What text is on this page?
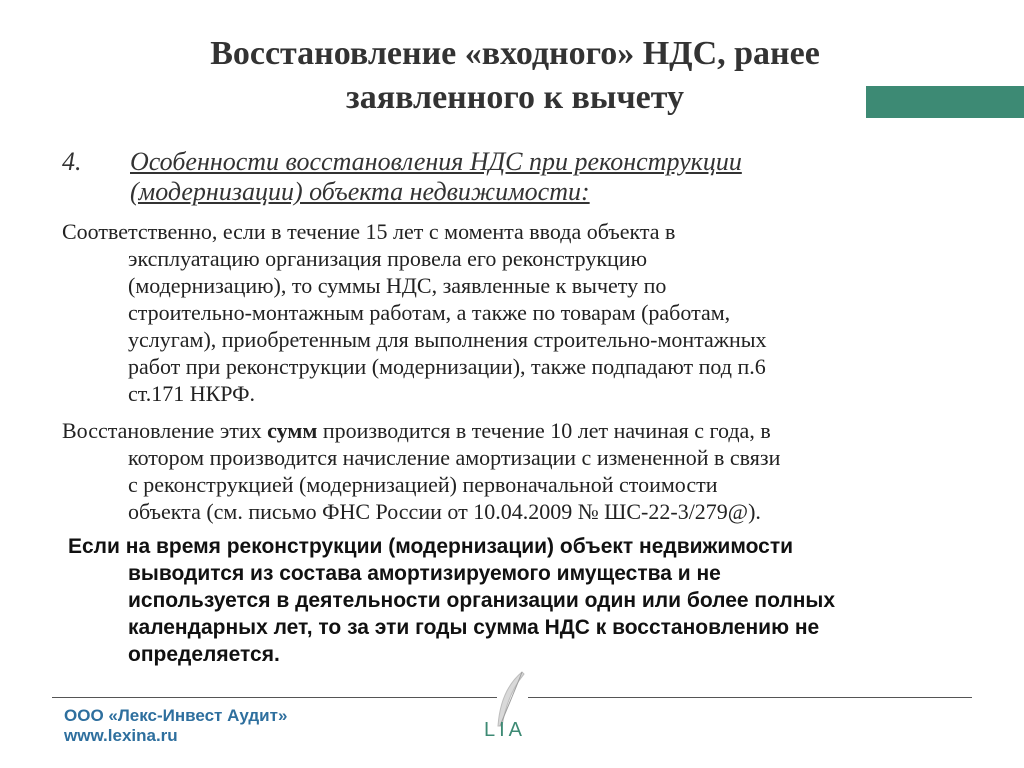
Восстановление «входного» НДС, ранее
заявленного к вычету
4. Особенности восстановления НДС при реконструкции
(модернизации) объекта недвижимости:
Соответственно, если в течение 15 лет с момента ввода объекта в
эксплуатацию организация провела его реконструкцию
(модернизацию), то суммы НДС, заявленные к вычету по
строительно-монтажным работам, а также по товарам (работам,
услугам), приобретенным для выполнения строительно-монтажных
работ при реконструкции (модернизации), также подпадают под п.6
ст.171 НКРФ.
Восстановление этих сумм производится в течение 10 лет начиная с года, в
котором производится начисление амортизации с измененной в связи
с реконструкцией (модернизацией) первоначальной стоимости
объекта (см. письмо ФНС России от 10.04.2009 № ШС-22-3/279@).
Если на время реконструкции (модернизации) объект недвижимости
выводится из состава амортизируемого имущества и не
используется в деятельности организации один или более полных
календарных лет, то за эти годы сумма НДС к восстановлению не
определяется.
ООО «Лекс-Инвест Аудит»
www.lexina.ru	LIA
